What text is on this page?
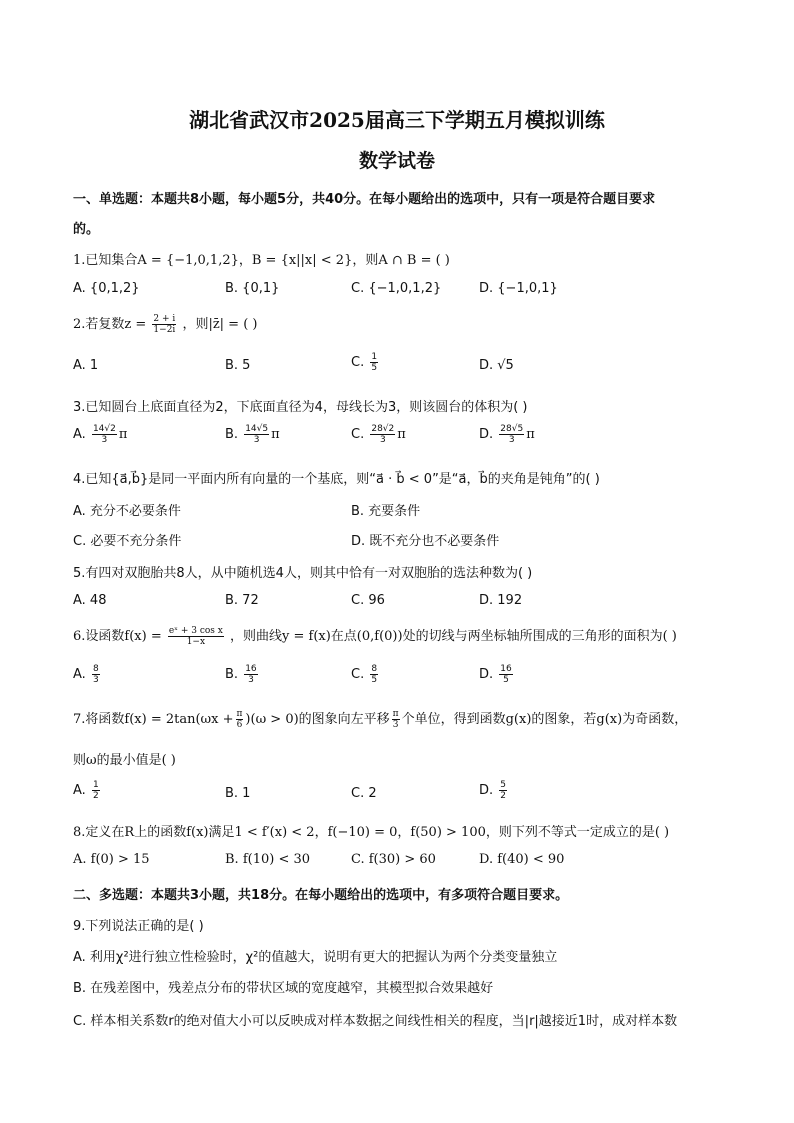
湖北省武汉市2025届高三下学期五月模拟训练
数学试卷
一、单选题：本题共8小题，每小题5分，共40分。在每小题给出的选项中，只有一项是符合题目要求
的。
1.已知集合A = {−1,0,1,2}，B = {x||x| < 2}，则A ∩ B = ( )
A. {0,1,2}	B. {0,1}	C. {−1,0,1,2}	D. {−1,0,1}
2.若复数$z = \frac{2 + i}{1-2i}$ ，则|z̄| = ( )
A. 1	B. 5	C. $\frac{1}{5}$	D. √5
3.已知圆台上底面直径为2，下底面直径为4，母线长为3，则该圆台的体积为( )
A. $\frac{14√2}{3}$ π	B. $\frac{14√5}{3}$ π	C. $\frac{28√2}{3}$ π	D. $\frac{28√5}{3}$ π
4.已知{a⃗,b⃗}是同一平面内所有向量的一个基底，则“a⃗ · b⃗ < 0”是“a⃗，b⃗的夹角是钝角”的( )
A. 充分不必要条件	B. 充要条件
C. 必要不充分条件	D. 既不充分也不必要条件
5.有四对双胞胎共8人，从中随机选4人，则其中恰有一对双胞胎的选法种数为( )
A. 48	B. 72	C. 96	D. 192
6.设函数$f(x) = \frac{\text{eˣ + 3 cos x}}{1-x}$ ，则曲线y = f(x)在点(0,f(0))处的切线与两坐标轴所围成的三角形的面积为( )
A. $\frac{8}{3}$	B. $\frac{16}{3}$	C. $\frac{8}{5}$	D. $\frac{16}{5}$
7.将函数$f(x) = 2\tan(\omega x + \frac{\pi}{6} )(\omega > 0)$的图象向左平移 $\frac{\pi}{3}$ 个单位，得到函数g(x)的图象，若g(x)为奇函数，
则ω的最小值是( )
A. $\frac{1}{2}$	B. 1	C. 2	D. $\frac{5}{2}$
8.定义在R上的函数f(x)满足1 < f′(x) < 2，f(−10) = 0，f(50) > 100，则下列不等式一定成立的是( )
A. f(0) > 15	B. f(10) < 30	C. f(30) > 60	D. f(40) < 90
二、多选题：本题共3小题，共18分。在每小题给出的选项中，有多项符合题目要求。
9.下列说法正确的是( )
A. 利用χ²进行独立性检验时，χ²的值越大，说明有更大的把握认为两个分类变量独立
B. 在残差图中，残差点分布的带状区域的宽度越窄，其模型拟合效果越好
C. 样本相关系数r的绝对值大小可以反映成对样本数据之间线性相关的程度，当|r|越接近1时，成对样本数
